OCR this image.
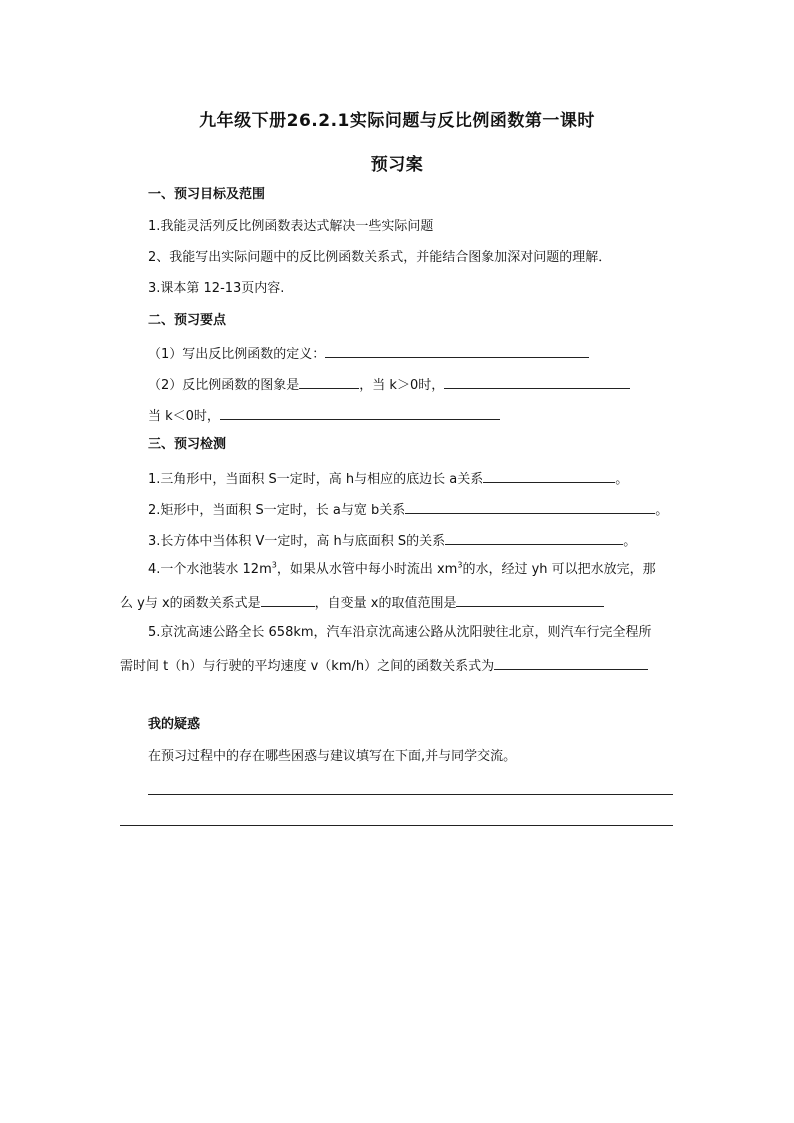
九年级下册26.2.1实际问题与反比例函数第一课时
预习案
一、预习目标及范围
1.我能灵活列反比例函数表达式解决一些实际问题
2、我能写出实际问题中的反比例函数关系式，并能结合图象加深对问题的理解．
3.课本第 12-13页内容.
二、预习要点
（1）写出反比例函数的定义：
（2）反比例函数的图象是	，当 k＞0时，
当 k＜0时，
三、预习检测
1.三角形中，当面积 S一定时，高 h与相应的底边长 a关系	。
2.矩形中，当面积 S一定时，长 a与宽 b关系	。
3.长方体中当体积 V一定时，高 h与底面积 S的关系	。
4.一个水池装水 $12m^3$，如果从水管中每小时流出 $xm^3$的水，经过 yh 可以把水放完，那
么 y与 x的函数关系式是	，自变量 x的取值范围是
5.京沈高速公路全长 658km，汽车沿京沈高速公路从沈阳驶往北京，则汽车行完全程所
需时间 t（h）与行驶的平均速度 v（km/h）之间的函数关系式为
我的疑惑
在预习过程中的存在哪些困惑与建议填写在下面,并与同学交流。
